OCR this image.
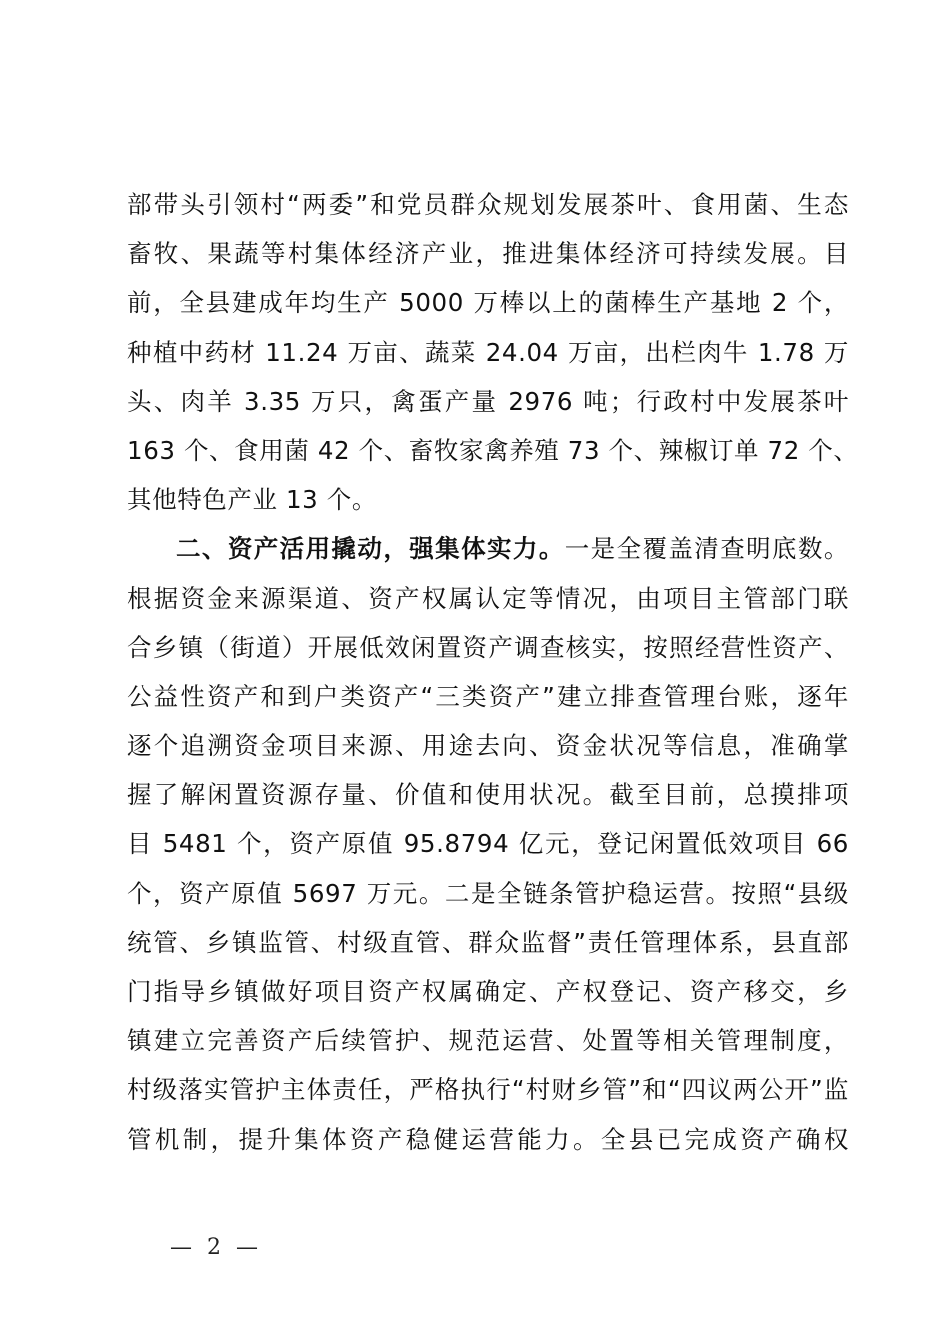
部带头引领村“两委”和党员群众规划发展茶叶、食用菌、生态
畜牧、果蔬等村集体经济产业，推进集体经济可持续发展。目
前，全县建成年均生产 5000 万棒以上的菌棒生产基地 2 个，
种植中药材 11.24 万亩、蔬菜 24.04 万亩，出栏肉牛 1.78 万
头、肉羊 3.35 万只，禽蛋产量 2976 吨；行政村中发展茶叶
163 个、食用菌 42 个、畜牧家禽养殖 73 个、辣椒订单 72 个、
其他特色产业 13 个。
二、资产活用撬动，强集体实力。一是全覆盖清查明底数。
根据资金来源渠道、资产权属认定等情况，由项目主管部门联
合乡镇（街道）开展低效闲置资产调查核实，按照经营性资产、
公益性资产和到户类资产“三类资产”建立排查管理台账，逐年
逐个追溯资金项目来源、用途去向、资金状况等信息，准确掌
握了解闲置资源存量、价值和使用状况。截至目前，总摸排项
目 5481 个，资产原值 95.8794 亿元，登记闲置低效项目 66
个，资产原值 5697 万元。二是全链条管护稳运营。按照“县级
统管、乡镇监管、村级直管、群众监督”责任管理体系，县直部
门指导乡镇做好项目资产权属确定、产权登记、资产移交，乡
镇建立完善资产后续管护、规范运营、处置等相关管理制度，
村级落实管护主体责任，严格执行“村财乡管”和“四议两公开”监
管机制，提升集体资产稳健运营能力。全县已完成资产确权
— 2 —
